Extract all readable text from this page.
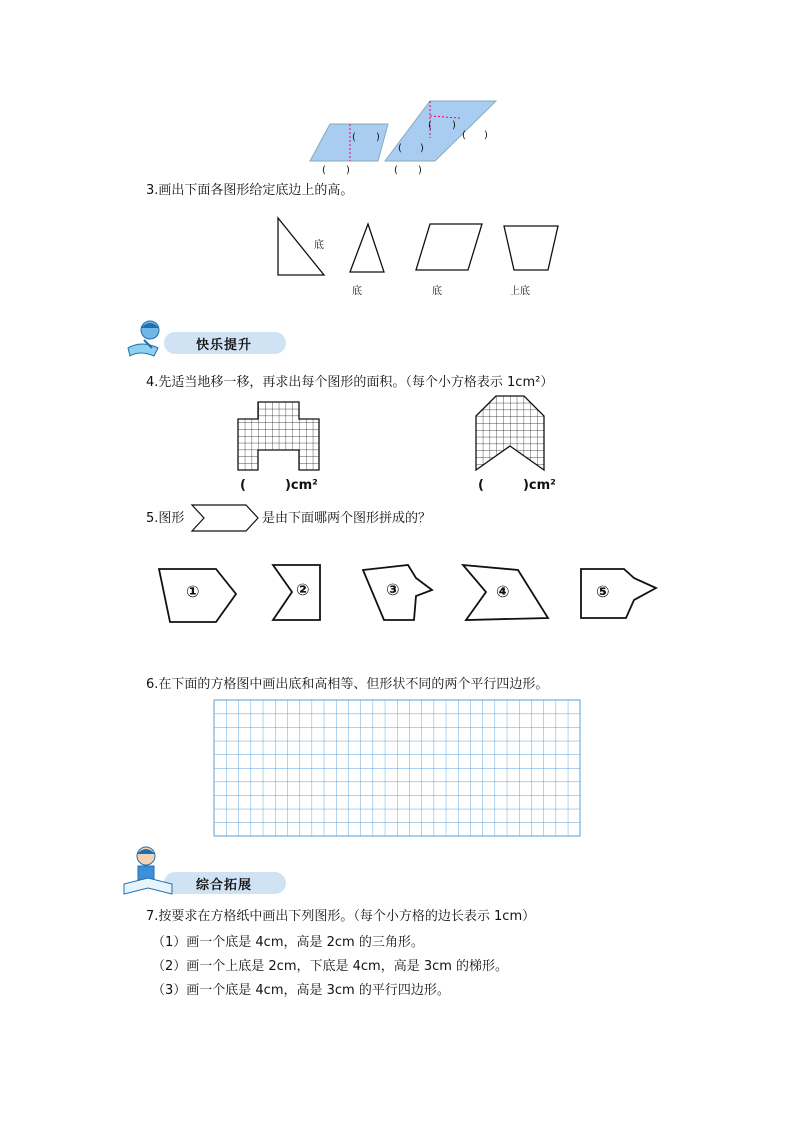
( )
( )
( )
( )
( )	( )
3.画出下面各图形给定底边上的高。
底
底	底	上底
快乐提升
4.先适当地移一移，再求出每个图形的面积。（每个小方格表示 1cm²）
(　　　)cm²	(　　　)cm²
5.图形	是由下面哪两个图形拼成的？
①	②	③	④	⑤
6.在下面的方格图中画出底和高相等、但形状不同的两个平行四边形。
综合拓展
7.按要求在方格纸中画出下列图形。（每个小方格的边长表示 1cm）
（1）画一个底是 4cm，高是 2cm 的三角形。
（2）画一个上底是 2cm，下底是 4cm，高是 3cm 的梯形。
（3）画一个底是 4cm，高是 3cm 的平行四边形。
